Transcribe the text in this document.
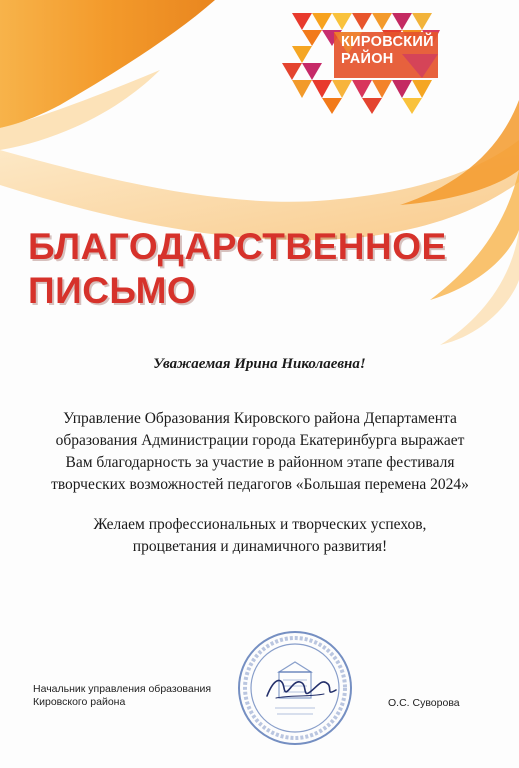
КИРОВСКИЙ
РАЙОН
БЛАГОДАРСТВЕННОЕ
ПИСЬМО
Уважаемая Ирина Николаевна!
Управление Образования Кировского района Департамента
образования Администрации города Екатеринбурга выражает
Вам благодарность за участие в районном этапе фестиваля
творческих возможностей педагогов «Большая перемена 2024»
Желаем профессиональных и творческих успехов,
процветания и динамичного развития!
Начальник управления образования
Кировского района	О.С. Суворова
